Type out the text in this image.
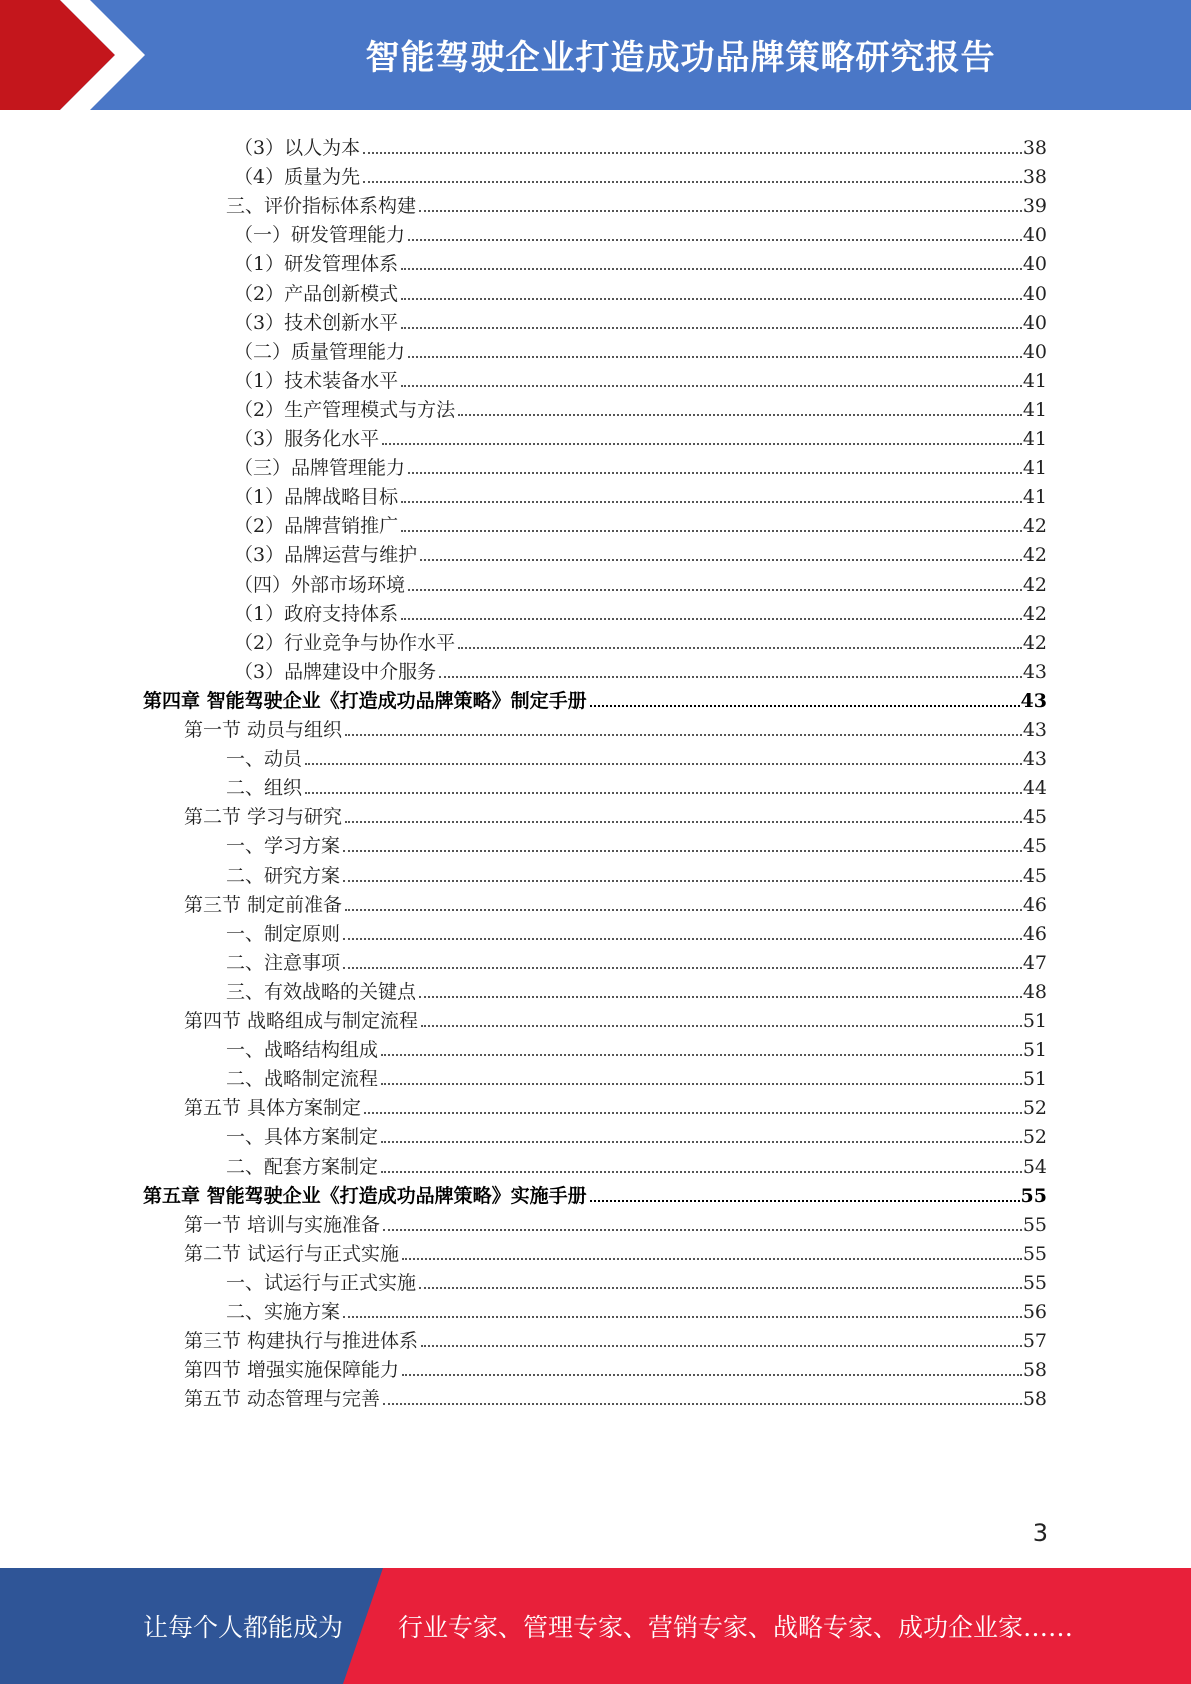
智能驾驶企业打造成功品牌策略研究报告
（3）以人为本	38
（4）质量为先	38
三、评价指标体系构建	39
（一）研发管理能力	40
（1）研发管理体系	40
（2）产品创新模式	40
（3）技术创新水平	40
（二）质量管理能力	40
（1）技术装备水平	41
（2）生产管理模式与方法	41
（3）服务化水平	41
（三）品牌管理能力	41
（1）品牌战略目标	41
（2）品牌营销推广	42
（3）品牌运营与维护	42
（四）外部市场环境	42
（1）政府支持体系	42
（2）行业竞争与协作水平	42
（3）品牌建设中介服务	43
第四章 智能驾驶企业《打造成功品牌策略》制定手册	43
第一节 动员与组织	43
一、动员	43
二、组织	44
第二节 学习与研究	45
一、学习方案	45
二、研究方案	45
第三节 制定前准备	46
一、制定原则	46
二、注意事项	47
三、有效战略的关键点	48
第四节 战略组成与制定流程	51
一、战略结构组成	51
二、战略制定流程	51
第五节 具体方案制定	52
一、具体方案制定	52
二、配套方案制定	54
第五章 智能驾驶企业《打造成功品牌策略》实施手册	55
第一节 培训与实施准备	55
第二节 试运行与正式实施	55
一、试运行与正式实施	55
二、实施方案	56
第三节 构建执行与推进体系	57
第四节 增强实施保障能力	58
第五节 动态管理与完善	58
3
让每个人都能成为 行业专家、管理专家、营销专家、战略专家、成功企业家……
